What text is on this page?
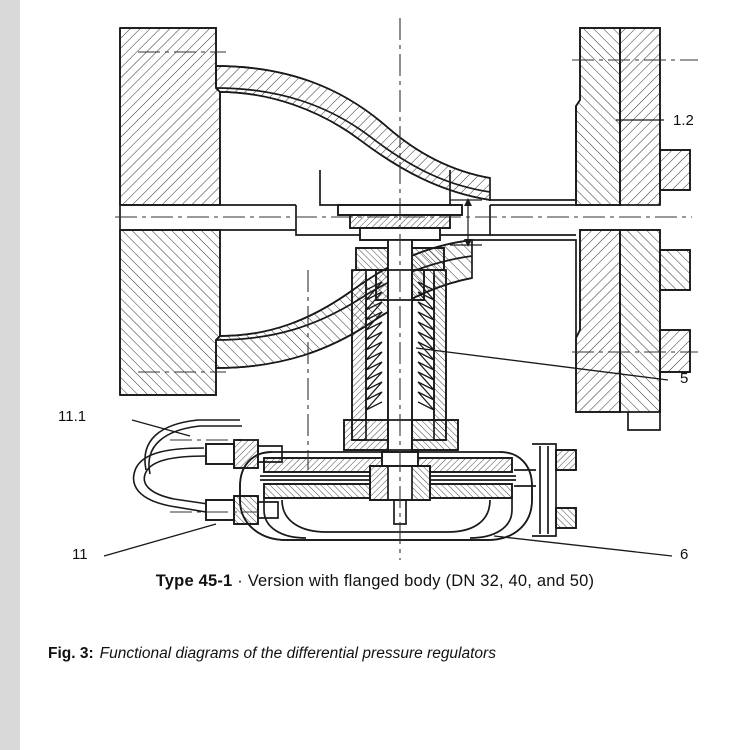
1.2
5
6
11.1
11
Type 45-1 · Version with flanged body (DN 32, 40, and 50)
Fig. 3: Functional diagrams of the differential pressure regulators
